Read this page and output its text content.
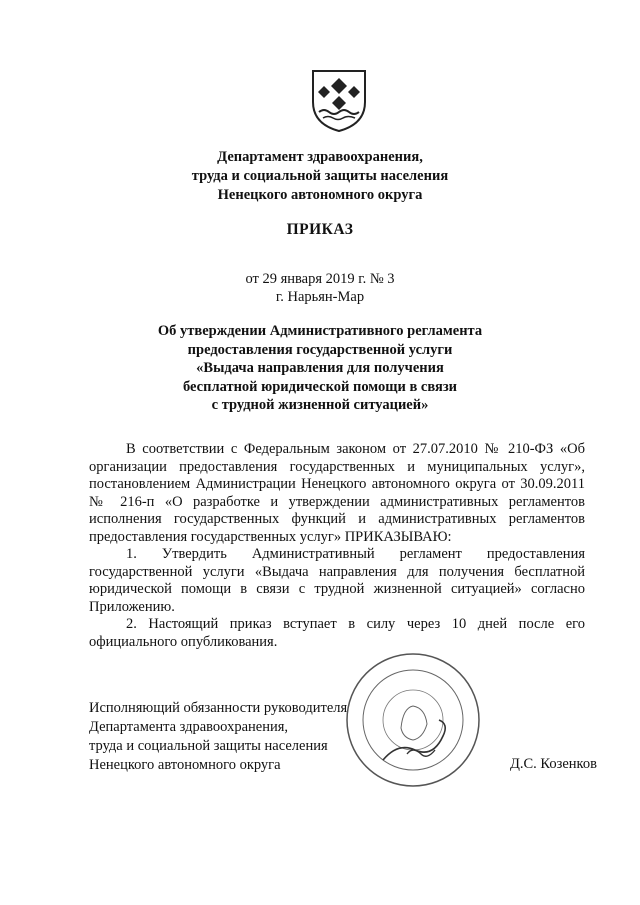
Департамент здравоохранения,
труда и социальной защиты населения
Ненецкого автономного округа
ПРИКАЗ
от 29 января 2019 г. № 3
г. Нарьян-Мар
Об утверждении Административного регламента
предоставления государственной услуги
«Выдача направления для получения
бесплатной юридической помощи в связи
с трудной жизненной ситуацией»

В соответствии с Федеральным законом от 27.07.2010 № 210-ФЗ «Об организации предоставления государственных и муниципальных услуг», постановлением Администрации Ненецкого автономного округа от 30.09.2011 № 216-п «О разработке и утверждении административных регламентов исполнения государственных функций и административных регламентов предоставления государственных услуг» ПРИКАЗЫВАЮ:

1. Утвердить Административный регламент предоставления государственной услуги «Выдача направления для получения бесплатной юридической помощи в связи с трудной жизненной ситуацией» согласно Приложению.

2. Настоящий приказ вступает в силу через 10 дней после его официального опубликования.

Исполняющий обязанности руководителя
Департамента здравоохранения,
труда и социальной защиты населения
Ненецкого автономного округа	Д.С. Козенков
